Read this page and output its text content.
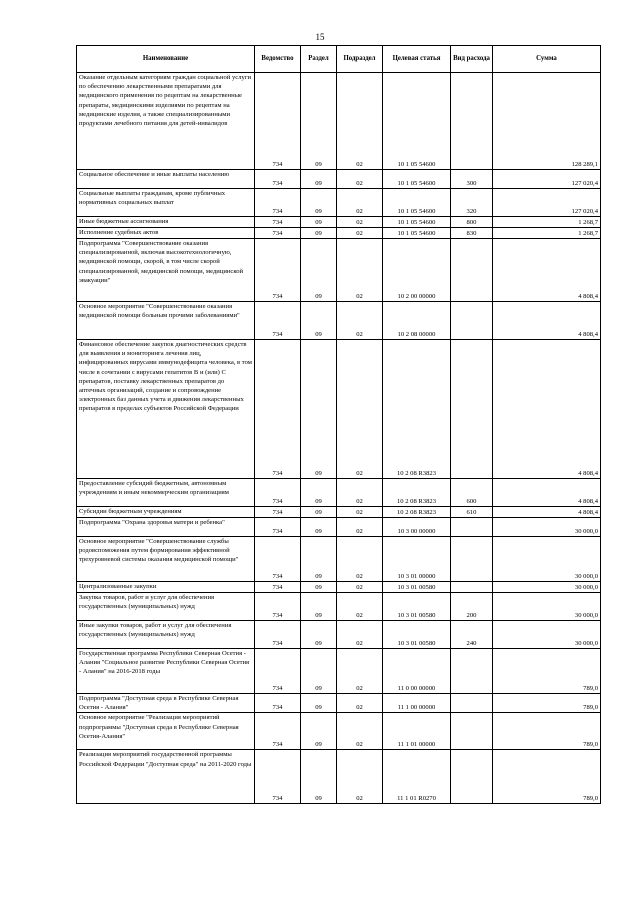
15
Наименование	Ведомство	Раздел	Подраздел	Целевая статья	Вид расхода	Сумма
Оказание отдельным категориям граждан социальной услуги по обеспечению лекарственными препаратами для медицинского применения по рецептам на лекарственные препараты, медицинскими изделиями по рецептам на медицинские изделия, а также специализированными продуктами лечебного питания для детей-инвалидов	734	09	02	10 1 05 54600		128 289,1
Социальное обеспечение и иные выплаты населению	734	09	02	10 1 05 54600	300	127 020,4
Социальные выплаты гражданам, кроме публичных нормативных социальных выплат	734	09	02	10 1 05 54600	320	127 020,4
Иные бюджетные ассигнования	734	09	02	10 1 05 54600	800	1 268,7
Исполнение судебных актов	734	09	02	10 1 05 54600	830	1 268,7
Подпрограмма "Совершенствование оказания специализированной, включая высокотехнологичную, медицинской помощи, скорой, в том числе скорой специализированной, медицинской помощи, медицинской эвакуации"	734	09	02	10 2 00 00000		4 808,4
Основное мероприятие "Совершенствование оказания медицинской помощи больным прочими заболеваниями"	734	09	02	10 2 08 00000		4 808,4
Финансовое обеспечение закупок диагностических средств для выявления и мониторинга лечения лиц, инфицированных вирусами иммунодефицита человека, в том числе в сочетании с вирусами гепатитов B и (или) C препаратов, поставку лекарственных препаратов до аптечных организаций, создание и сопровождение электронных баз данных учета и движения лекарственных препаратов в пределах субъектов Российской Федерации	734	09	02	10 2 08 R3823		4 808,4
Предоставление субсидий бюджетным, автономным учреждениям и иным некоммерческим организациям	734	09	02	10 2 08 R3823	600	4 808,4
Субсидии бюджетным учреждениям	734	09	02	10 2 08 R3823	610	4 808,4
Подпрограмма "Охрана здоровья матери и ребенка"	734	09	02	10 3 00 00000		30 000,0
Основное мероприятие "Совершенствование службы родовспоможения путем формирования эффективной трехуровневой системы оказания медицинской помощи"	734	09	02	10 3 01 00000		30 000,0
Централизованные закупки	734	09	02	10 3 01 00580		30 000,0
Закупка товаров, работ и услуг для обеспечения государственных (муниципальных) нужд	734	09	02	10 3 01 00580	200	30 000,0
Иные закупки товаров, работ и услуг для обеспечения государственных (муниципальных) нужд	734	09	02	10 3 01 00580	240	30 000,0
Государственная программа Республики Северная Осетия - Алания "Социальное развитие Республики Северная Осетия - Алания" на 2016-2018 годы	734	09	02	11 0 00 00000		789,0
Подпрограмма "Доступная среда в Республике Северная Осетия - Алания"	734	09	02	11 1 00 00000		789,0
Основное мероприятие "Реализация мероприятий подпрограммы "Доступная среда в Республике Северная Осетия-Алания"	734	09	02	11 1 01 00000		789,0
Реализация мероприятий государственной программы Российской Федерации "Доступная среда" на 2011-2020 годы	734	09	02	11 1 01 R0270		789,0
